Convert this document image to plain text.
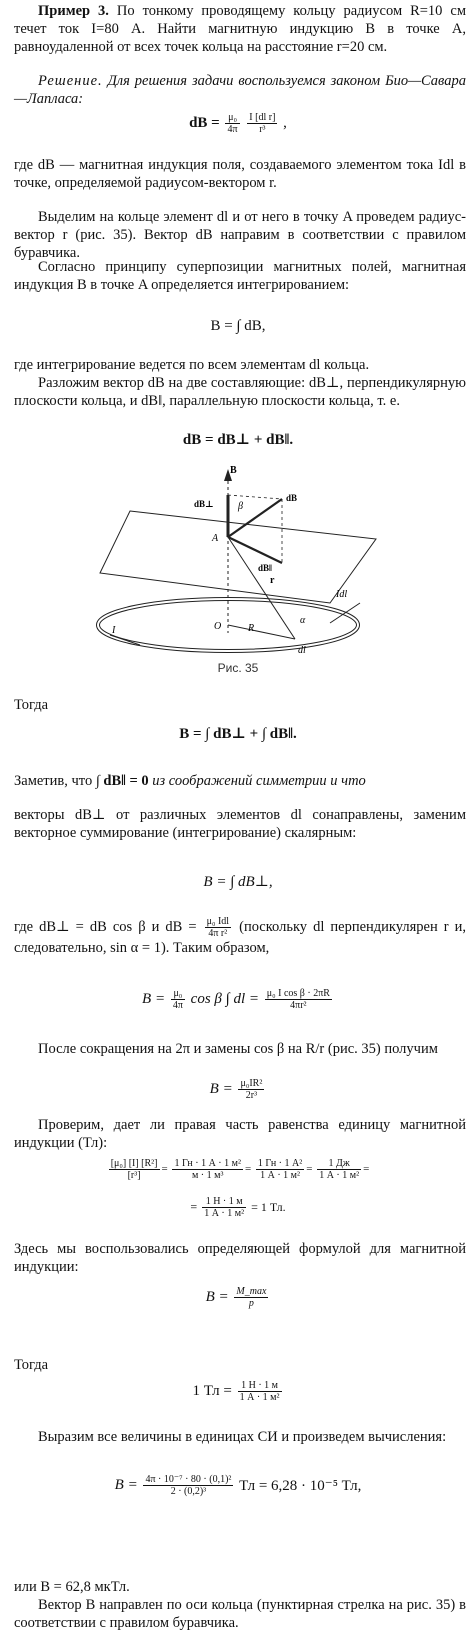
Пример 3. По тонкому проводящему кольцу радиусом R=10 см течет ток I=80 А. Найти магнитную индукцию B в точке A, равноудаленной от всех точек кольца на расстояние r=20 см.
Решение. Для решения задачи воспользуемся законом Био—Савара—Лапласа:
dB = $\frac{\text{μ₀}}{4\pi}$
$\frac{\text{I [dl r]}}{\text{r³}}$ ,
где dB — магнитная индукция поля, создаваемого элементом тока Idl в точке, определяемой радиусом-вектором r.
Выделим на кольце элемент dl и от него в точку A проведем радиус-вектор r (рис. 35). Вектор dB направим в соответствии с правилом буравчика.
Согласно принципу суперпозиции магнитных полей, магнитная индукция B в точке A определяется интегрированием:
B = ∫ dB,
где интегрирование ведется по всем элементам dl кольца.
Разложим вектор dB на две составляющие: dB⊥, перпендикулярную плоскости кольца, и dB‖, параллельную плоскости кольца, т. е.
dB = dB⊥ + dB‖.
B
dB⊥
dB
dB‖
β
A
r
α
O	R
Idl
dl
I
Рис. 35
Тогда
B = ∫ dB⊥ + ∫ dB‖.
Заметив, что ∫ dB‖ = 0 из соображений симметрии и что
векторы dB⊥ от различных элементов dl сонаправлены, заменим векторное суммирование (интегрирование) скалярным:
B = ∫ dB⊥,
где dB⊥ = dB cos β и dB = $\frac{\text{μ₀ Idl}}{\text{4π r²}}$ (поскольку dl перпендикулярен r и, следовательно, sin α = 1). Таким образом,
$B = \frac{\text{μ₀}}{4\pi}$ cos β ∫ dl = $\frac{\text{μ₀ I cos β · 2πR}}{\text{4πr²}}$
После сокращения на 2π и замены cos β на R/r (рис. 35) получим
$B = \frac{\text{μ₀IR²}}{\text{2r³}}$
Проверим, дает ли правая часть равенства единицу магнитной индукции (Тл):
$\frac{\text{[μ₀] [I] [R²]}}{\text{[r³]}} = \frac{\text{1 Гн · 1 А · 1 м²}}{\text{м · 1 м³}} = \frac{\text{1 Гн · 1 А²}}{\text{1 А · 1 м²}} = \frac{1 Дж}{\text{1 А · 1 м²}}$ =
= $\frac{1 Н \cdot 1 м}{\text{1 А · 1 м²}} = 1$ Тл.
Здесь мы воспользовались определяющей формулой для магнитной индукции:
$B = \frac{M\_\max}{p}$
Тогда
1 Тл = $\frac{1 Н \cdot 1 м}{\text{1 А · 1 м²}}$
Выразим все величины в единицах СИ и произведем вычисления:
$B = \frac{\text{4π · 10⁻⁷ · 80 · (0,1)²}}{\text{2 · (0,2)³}}$ Тл = 6,28 · 10⁻⁵ Тл,
или B = 62,8 мкТл.
Вектор B направлен по оси кольца (пунктирная стрелка на рис. 35) в соответствии с правилом буравчика.
